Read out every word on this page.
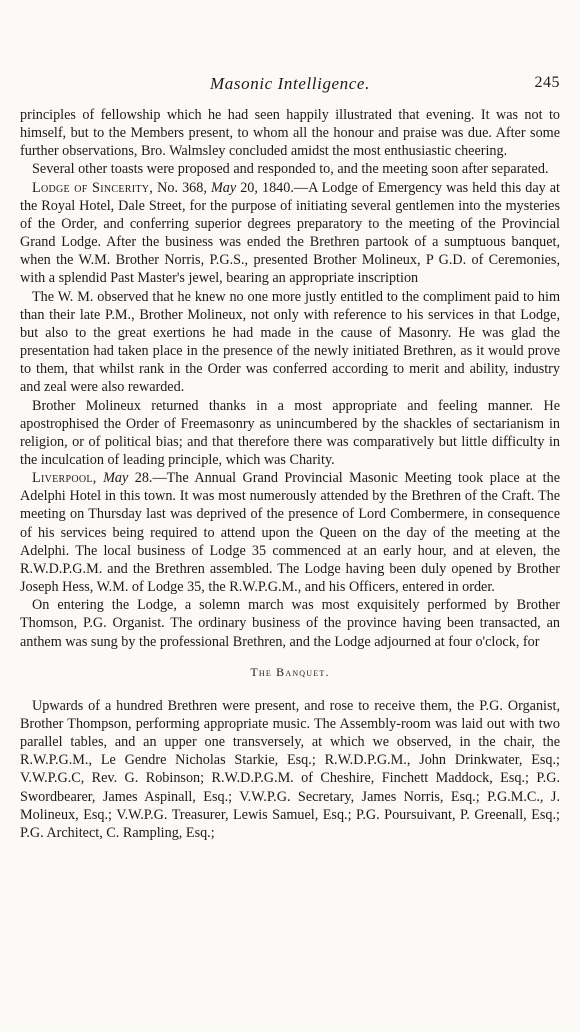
Masonic Intelligence.	245

principles of fellowship which he had seen happily illustrated that evening. It was not to himself, but to the Members present, to whom all the honour and praise was due. After some further observations, Bro. Walmsley concluded amidst the most enthusiastic cheering.

Several other toasts were proposed and responded to, and the meeting soon after separated.

Lodge of Sincerity, No. 368, May 20, 1840.—A Lodge of Emergency was held this day at the Royal Hotel, Dale Street, for the purpose of initiating several gentlemen into the mysteries of the Order, and conferring superior degrees preparatory to the meeting of the Provincial Grand Lodge. After the business was ended the Brethren partook of a sumptuous banquet, when the W.M. Brother Norris, P.G.S., presented Brother Molineux, P G.D. of Ceremonies, with a splendid Past Master's jewel, bearing an appropriate inscription

The W. M. observed that he knew no one more justly entitled to the compliment paid to him than their late P.M., Brother Molineux, not only with reference to his services in that Lodge, but also to the great exertions he had made in the cause of Masonry. He was glad the presentation had taken place in the presence of the newly initiated Brethren, as it would prove to them, that whilst rank in the Order was conferred according to merit and ability, industry and zeal were also rewarded.

Brother Molineux returned thanks in a most appropriate and feeling manner. He apostrophised the Order of Freemasonry as unincumbered by the shackles of sectarianism in religion, or of political bias; and that therefore there was comparatively but little difficulty in the inculcation of leading principle, which was Charity.

Liverpool, May 28.—The Annual Grand Provincial Masonic Meeting took place at the Adelphi Hotel in this town. It was most numerously attended by the Brethren of the Craft. The meeting on Thursday last was deprived of the presence of Lord Combermere, in consequence of his services being required to attend upon the Queen on the day of the meeting at the Adelphi. The local business of Lodge 35 commenced at an early hour, and at eleven, the R.W.D.P.G.M. and the Brethren assembled. The Lodge having been duly opened by Brother Joseph Hess, W.M. of Lodge 35, the R.W.P.G.M., and his Officers, entered in order.

On entering the Lodge, a solemn march was most exquisitely performed by Brother Thomson, P.G. Organist. The ordinary business of the province having been transacted, an anthem was sung by the professional Brethren, and the Lodge adjourned at four o'clock, for

The Banquet.

Upwards of a hundred Brethren were present, and rose to receive them, the P.G. Organist, Brother Thompson, performing appropriate music. The Assembly-room was laid out with two parallel tables, and an upper one transversely, at which we observed, in the chair, the R.W.P.G.M., Le Gendre Nicholas Starkie, Esq.; R.W.D.P.G.M., John Drinkwater, Esq.; V.W.P.G.C, Rev. G. Robinson; R.W.D.P.G.M. of Cheshire, Finchett Maddock, Esq.; P.G. Swordbearer, James Aspinall, Esq.; V.W.P.G. Secretary, James Norris, Esq.; P.G.M.C., J. Molineux, Esq.; V.W.P.G. Treasurer, Lewis Samuel, Esq.; P.G. Poursuivant, P. Greenall, Esq.; P.G. Architect, C. Rampling, Esq.;
